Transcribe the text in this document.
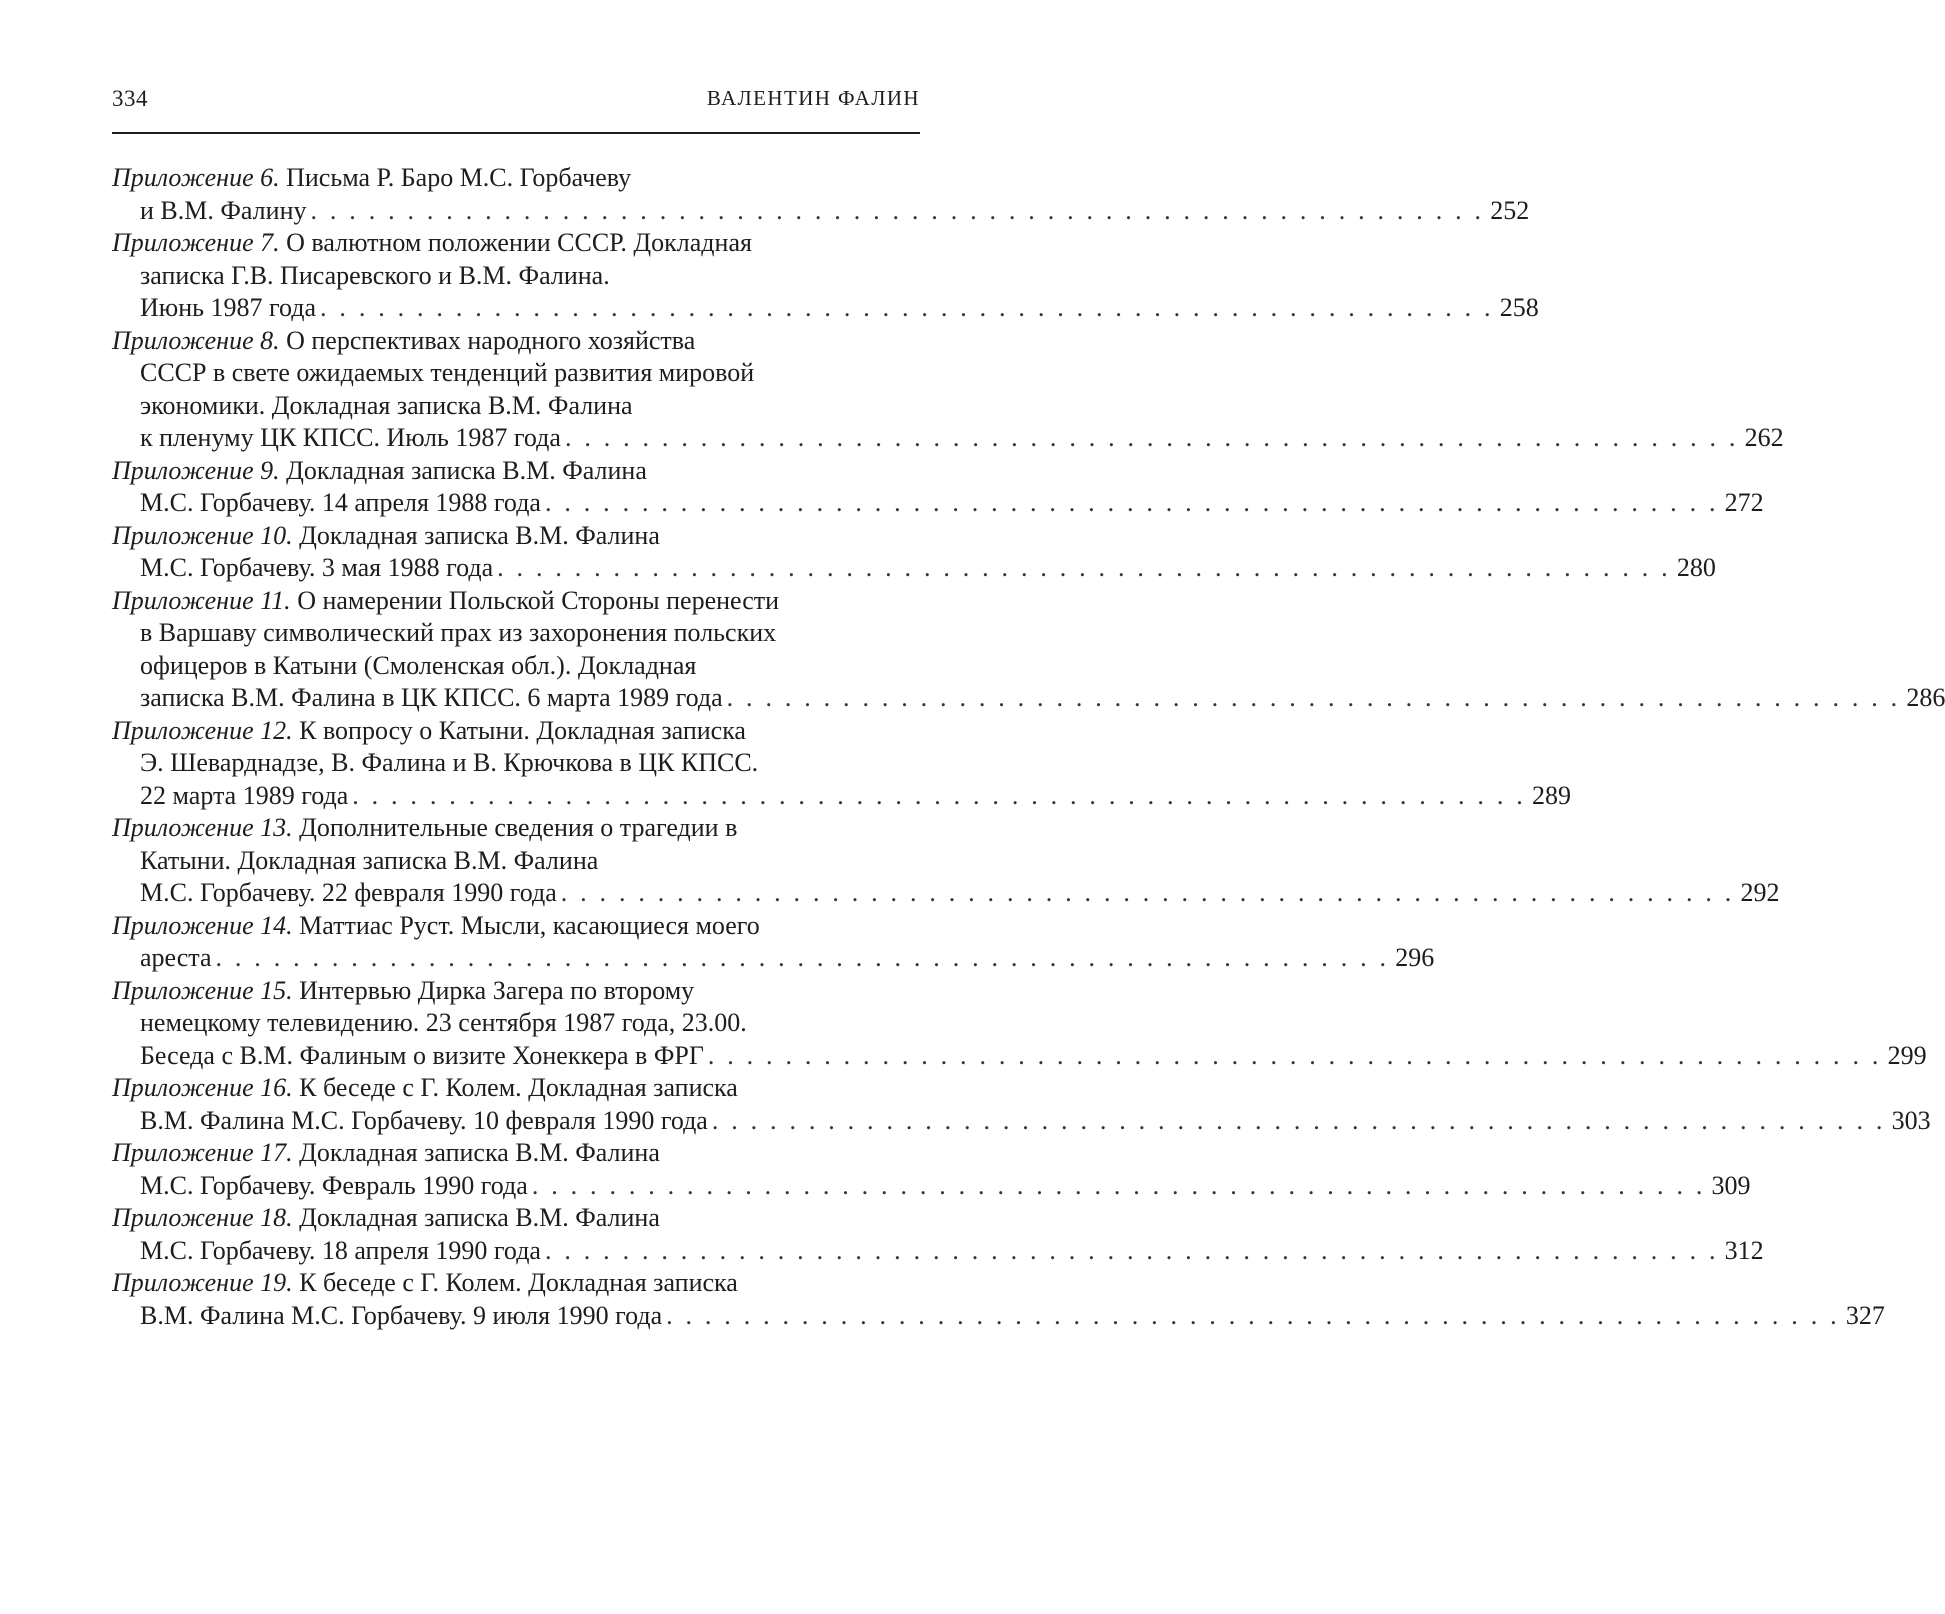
334	ВАЛЕНТИН ФАЛИН
Приложение 6. Письма Р. Баро М.С. Горбачеву
и В.М. Фалину . . . . . . . . . . . . . . . . . . . . . . . . . . . . . . . . . . . . . . . . . . . . . . . . . . . . . . . . . . . . . 252
Приложение 7. О валютном положении СССР. Докладная
записка Г.В. Писаревского и В.М. Фалина.
Июнь 1987 года . . . . . . . . . . . . . . . . . . . . . . . . . . . . . . . . . . . . . . . . . . . . . . . . . . . . . . . . . . . . . 258
Приложение 8. О перспективах народного хозяйства
СССР в свете ожидаемых тенденций развития мировой
экономики. Докладная записка В.М. Фалина
к пленуму ЦК КПСС. Июль 1987 года . . . . . . . . . . . . . . . . . . . . . . . . . . . . . . . . . . . . . . . . . . . . . . . . . . . . . . . . . . . . . 262
Приложение 9. Докладная записка В.М. Фалина
М.С. Горбачеву. 14 апреля 1988 года . . . . . . . . . . . . . . . . . . . . . . . . . . . . . . . . . . . . . . . . . . . . . . . . . . . . . . . . . . . . . 272
Приложение 10. Докладная записка В.М. Фалина
М.С. Горбачеву. 3 мая 1988 года . . . . . . . . . . . . . . . . . . . . . . . . . . . . . . . . . . . . . . . . . . . . . . . . . . . . . . . . . . . . . 280
Приложение 11. О намерении Польской Стороны перенести
в Варшаву символический прах из захоронения польских
офицеров в Катыни (Смоленская обл.). Докладная
записка В.М. Фалина в ЦК КПСС. 6 марта 1989 года . . . . . . . . . . . . . . . . . . . . . . . . . . . . . . . . . . . . . . . . . . . . . . . . . . . . . . . . . . . . . 286
Приложение 12. К вопросу о Катыни. Докладная записка
Э. Шеварднадзе, В. Фалина и В. Крючкова в ЦК КПСС.
22 марта 1989 года . . . . . . . . . . . . . . . . . . . . . . . . . . . . . . . . . . . . . . . . . . . . . . . . . . . . . . . . . . . . . 289
Приложение 13. Дополнительные сведения о трагедии в
Катыни. Докладная записка В.М. Фалина
М.С. Горбачеву. 22 февраля 1990 года . . . . . . . . . . . . . . . . . . . . . . . . . . . . . . . . . . . . . . . . . . . . . . . . . . . . . . . . . . . . . 292
Приложение 14. Маттиас Руст. Мысли, касающиеся моего
ареста . . . . . . . . . . . . . . . . . . . . . . . . . . . . . . . . . . . . . . . . . . . . . . . . . . . . . . . . . . . . . 296
Приложение 15. Интервью Дирка Загера по второму
немецкому телевидению. 23 сентября 1987 года, 23.00.
Беседа с В.М. Фалиным о визите Хонеккера в ФРГ . . . . . . . . . . . . . . . . . . . . . . . . . . . . . . . . . . . . . . . . . . . . . . . . . . . . . . . . . . . . . 299
Приложение 16. К беседе с Г. Колем. Докладная записка
В.М. Фалина М.С. Горбачеву. 10 февраля 1990 года . . . . . . . . . . . . . . . . . . . . . . . . . . . . . . . . . . . . . . . . . . . . . . . . . . . . . . . . . . . . . 303
Приложение 17. Докладная записка В.М. Фалина
М.С. Горбачеву. Февраль 1990 года . . . . . . . . . . . . . . . . . . . . . . . . . . . . . . . . . . . . . . . . . . . . . . . . . . . . . . . . . . . . . 309
Приложение 18. Докладная записка В.М. Фалина
М.С. Горбачеву. 18 апреля 1990 года . . . . . . . . . . . . . . . . . . . . . . . . . . . . . . . . . . . . . . . . . . . . . . . . . . . . . . . . . . . . . 312
Приложение 19. К беседе с Г. Колем. Докладная записка
В.М. Фалина М.С. Горбачеву. 9 июля 1990 года . . . . . . . . . . . . . . . . . . . . . . . . . . . . . . . . . . . . . . . . . . . . . . . . . . . . . . . . . . . . . 327
